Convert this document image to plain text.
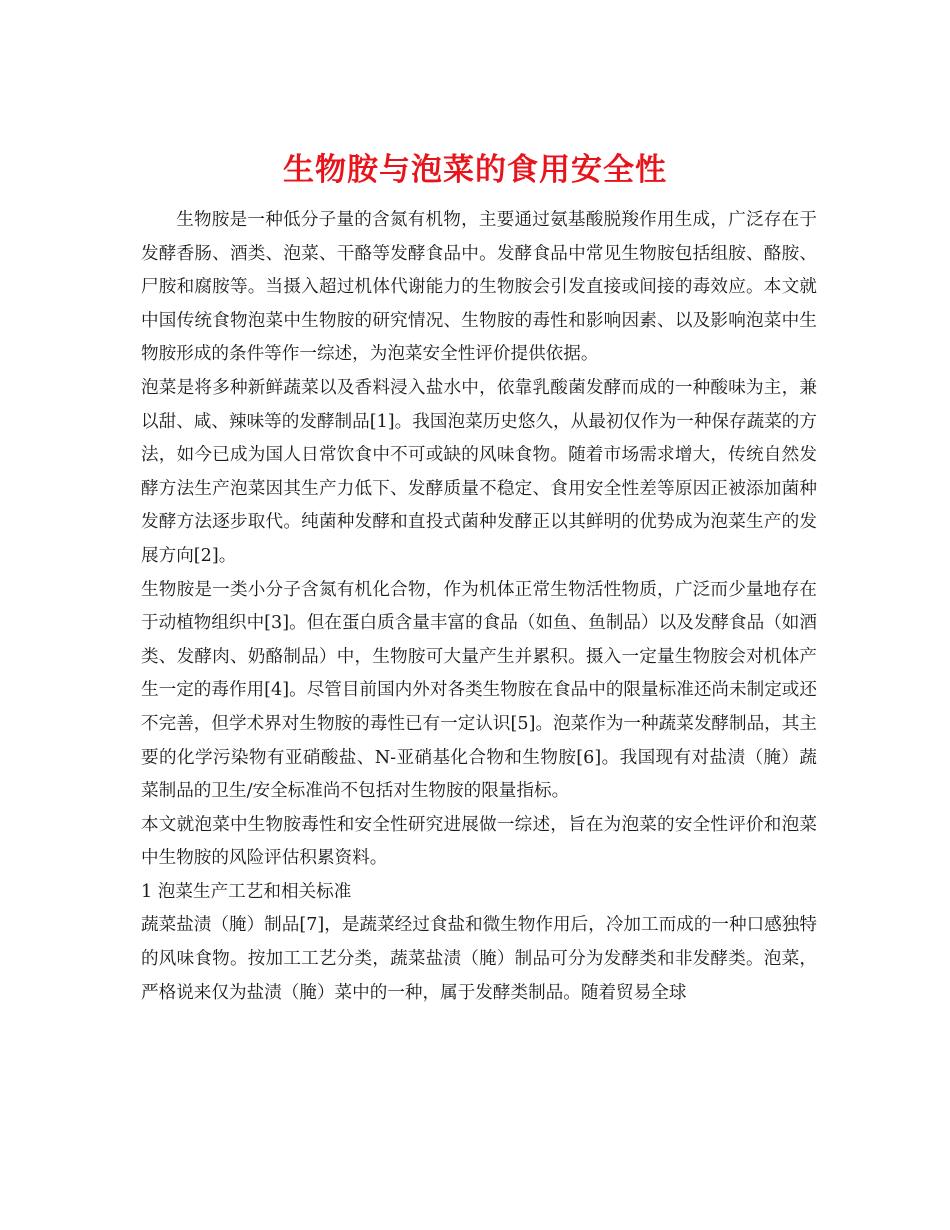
生物胺与泡菜的食用安全性

生物胺是一种低分子量的含氮有机物，主要通过氨基酸脱羧作用生成，广泛存在于发酵香肠、酒类、泡菜、干酪等发酵食品中。发酵食品中常见生物胺包括组胺、酪胺、尸胺和腐胺等。当摄入超过机体代谢能力的生物胺会引发直接或间接的毒效应。本文就中国传统食物泡菜中生物胺的研究情况、生物胺的毒性和影响因素、以及影响泡菜中生物胺形成的条件等作一综述，为泡菜安全性评价提供依据。

泡菜是将多种新鲜蔬菜以及香料浸入盐水中，依靠乳酸菌发酵而成的一种酸味为主，兼以甜、咸、辣味等的发酵制品[1]。我国泡菜历史悠久，从最初仅作为一种保存蔬菜的方法，如今已成为国人日常饮食中不可或缺的风味食物。随着市场需求增大，传统自然发酵方法生产泡菜因其生产力低下、发酵质量不稳定、食用安全性差等原因正被添加菌种发酵方法逐步取代。纯菌种发酵和直投式菌种发酵正以其鲜明的优势成为泡菜生产的发展方向[2]。

生物胺是一类小分子含氮有机化合物，作为机体正常生物活性物质，广泛而少量地存在于动植物组织中[3]。但在蛋白质含量丰富的食品（如鱼、鱼制品）以及发酵食品（如酒类、发酵肉、奶酪制品）中，生物胺可大量产生并累积。摄入一定量生物胺会对机体产生一定的毒作用[4]。尽管目前国内外对各类生物胺在食品中的限量标准还尚未制定或还不完善，但学术界对生物胺的毒性已有一定认识[5]。泡菜作为一种蔬菜发酵制品，其主要的化学污染物有亚硝酸盐、N-亚硝基化合物和生物胺[6]。我国现有对盐渍（腌）蔬菜制品的卫生/安全标准尚不包括对生物胺的限量指标。

本文就泡菜中生物胺毒性和安全性研究进展做一综述，旨在为泡菜的安全性评价和泡菜中生物胺的风险评估积累资料。

1 泡菜生产工艺和相关标准

蔬菜盐渍（腌）制品[7]，是蔬菜经过食盐和微生物作用后，冷加工而成的一种口感独特的风味食物。按加工工艺分类，蔬菜盐渍（腌）制品可分为发酵类和非发酵类。泡菜，严格说来仅为盐渍（腌）菜中的一种，属于发酵类制品。随着贸易全球
